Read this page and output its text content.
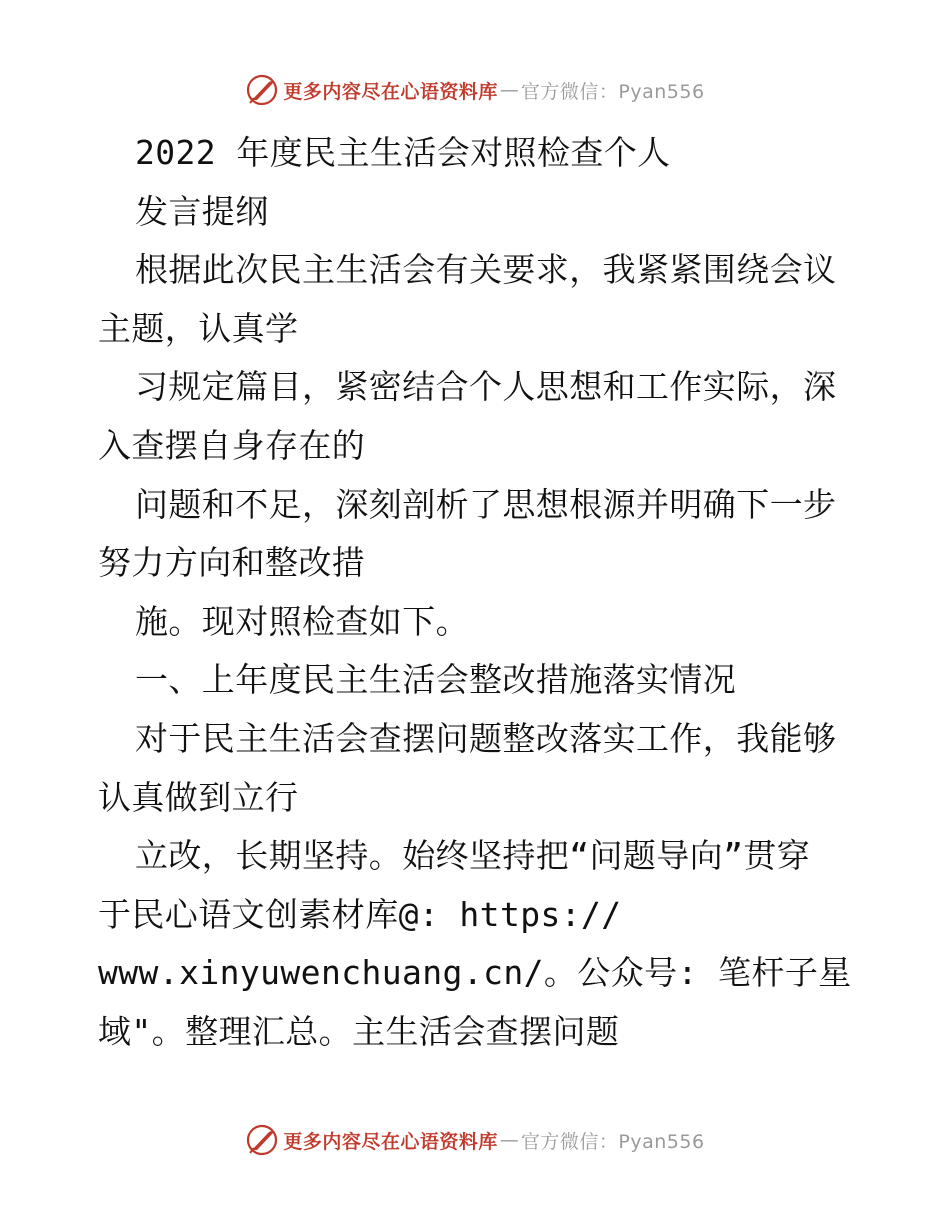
更多内容尽在心语资料库 — 官方微信：Pyan556
2022 年度民主生活会对照检查个人
发言提纲
根据此次民主生活会有关要求，我紧紧围绕会议
主题，认真学
习规定篇目，紧密结合个人思想和工作实际，深
入查摆自身存在的
问题和不足，深刻剖析了思想根源并明确下一步
努力方向和整改措
施。现对照检查如下。
一、上年度民主生活会整改措施落实情况
对于民主生活会查摆问题整改落实工作，我能够
认真做到立行
立改，长期坚持。始终坚持把“问题导向”贯穿
于民心语文创素材库@: https://
www.xinyuwenchuang.cn/。公众号: 笔杆子星
域"。整理汇总。主生活会查摆问题
更多内容尽在心语资料库 — 官方微信：Pyan556
